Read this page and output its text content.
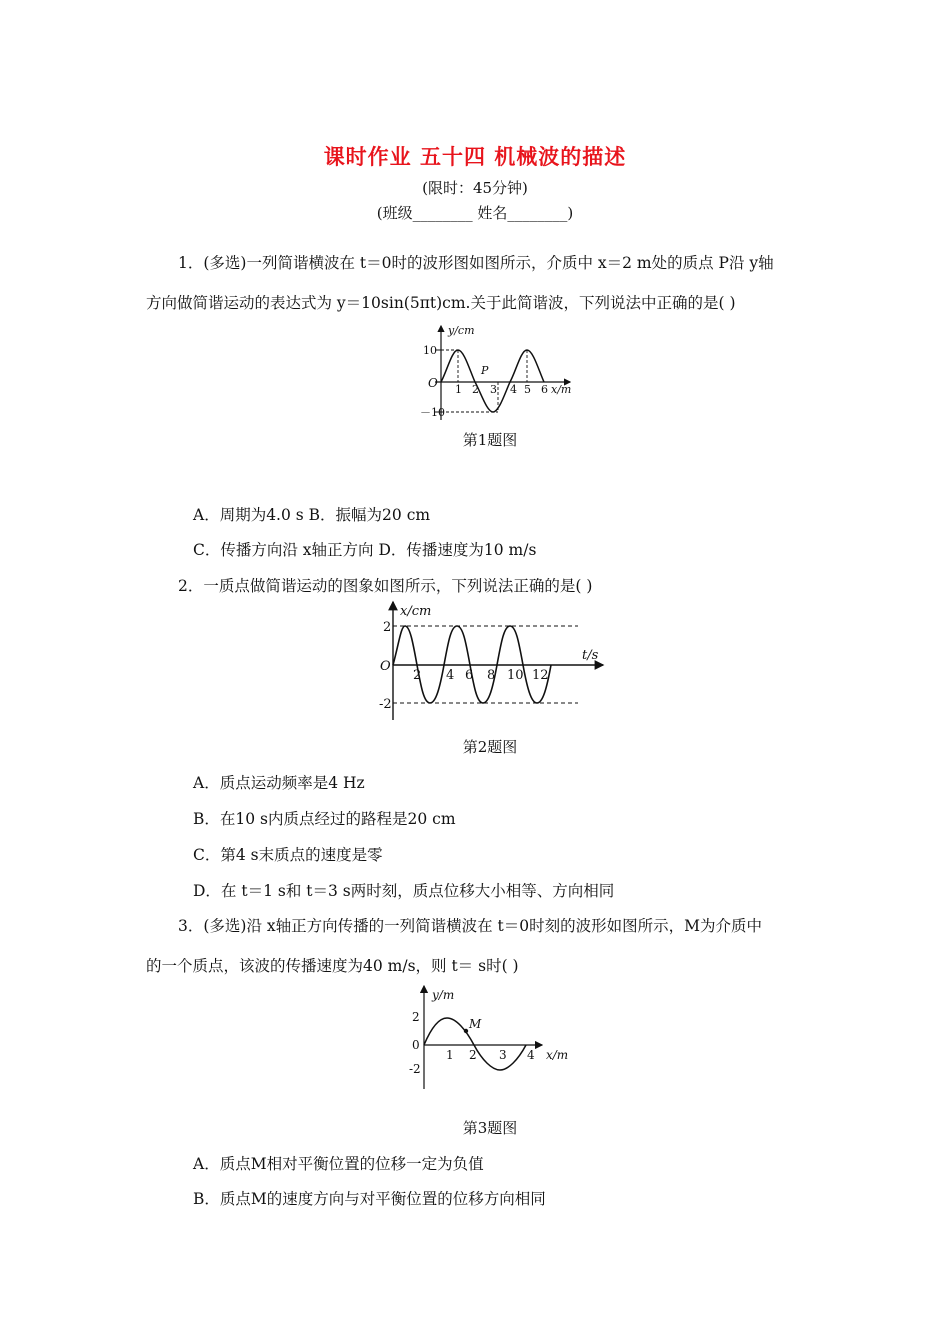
课时作业 五十四 机械波的描述
(限时：45分钟)
(班级________ 姓名________)
1．(多选)一列简谐横波在 t＝0时的波形图如图所示，介质中 x＝2 m处的质点 P沿 y轴
方向做简谐运动的表达式为 y＝10sin(5πt)cm.关于此简谐波，下列说法中正确的是( )
y/cm
10
－10
O
P
1 2 3 4 5 6 x/m
第1题图
A．周期为4.0 s B．振幅为20 cm
C．传播方向沿 x轴正方向 D．传播速度为10 m/s
2．一质点做简谐运动的图象如图所示，下列说法正确的是( )
x/cm
2
-2
O
2 4 6 8 10 12
t/s
第2题图
A．质点运动频率是4 Hz
B．在10 s内质点经过的路程是20 cm
C．第4 s末质点的速度是零
D．在 t＝1 s和 t＝3 s两时刻，质点位移大小相等、方向相同
3．(多选)沿 x轴正方向传播的一列简谐横波在 t＝0时刻的波形如图所示，M为介质中
的一个质点，该波的传播速度为40 m/s，则 t＝ s时( )
y/m
2
-2
0
M
1 2 3 4 x/m
第3题图
A．质点M相对平衡位置的位移一定为负值
B．质点M的速度方向与对平衡位置的位移方向相同
